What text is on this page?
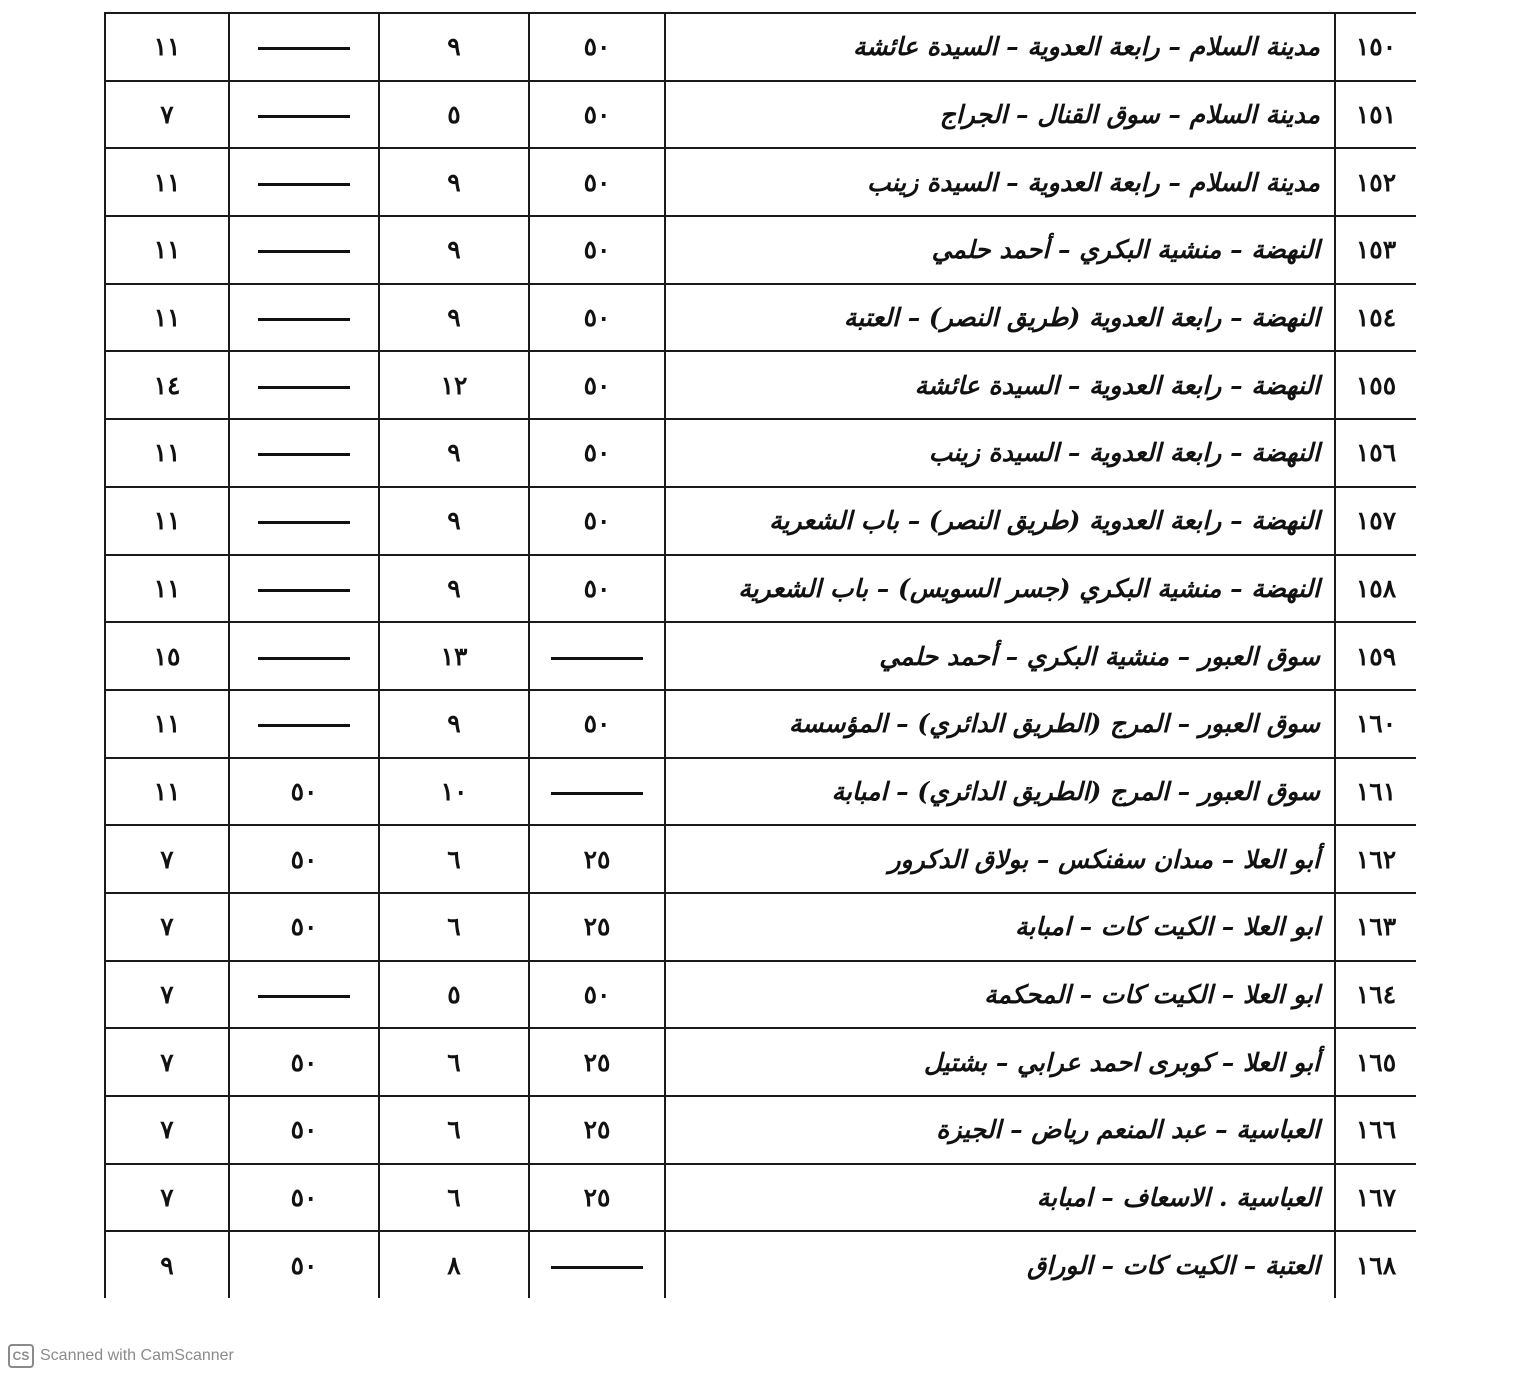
١٥٠	مدينة السلام – رابعة العدوية – السيدة عائشة	٥٠	٩		١١
١٥١	مدينة السلام – سوق القنال – الجراج	٥٠	٥		٧
١٥٢	مدينة السلام – رابعة العدوية – السيدة زينب	٥٠	٩		١١
١٥٣	النهضة – منشية البكري – أحمد حلمي	٥٠	٩		١١
١٥٤	النهضة – رابعة العدوية (طريق النصر) – العتبة	٥٠	٩		١١
١٥٥	النهضة – رابعة العدوية – السيدة عائشة	٥٠	١٢		١٤
١٥٦	النهضة – رابعة العدوية – السيدة زينب	٥٠	٩		١١
١٥٧	النهضة – رابعة العدوية (طريق النصر) – باب الشعرية	٥٠	٩		١١
١٥٨	النهضة – منشية البكري (جسر السويس) – باب الشعرية	٥٠	٩		١١
١٥٩	سوق العبور – منشية البكري – أحمد حلمي		١٣		١٥
١٦٠	سوق العبور – المرج (الطريق الدائري) – المؤسسة	٥٠	٩		١١
١٦١	سوق العبور – المرج (الطريق الدائري) – امبابة		١٠	٥٠	١١
١٦٢	أبو العلا – مىدان سفنكس – بولاق الدكرور	٢٥	٦	٥٠	٧
١٦٣	ابو العلا – الكيت كات – امبابة	٢٥	٦	٥٠	٧
١٦٤	ابو العلا – الكيت كات – المحكمة	٥٠	٥		٧
١٦٥	أبو العلا – كوبرى احمد عرابي – بشتيل	٢٥	٦	٥٠	٧
١٦٦	العباسية – عبد المنعم رياض – الجيزة	٢٥	٦	٥٠	٧
١٦٧	العباسية . الاسعاف – امبابة	٢٥	٦	٥٠	٧
١٦٨	العتبة – الكيت كات – الوراق		٨	٥٠	٩
CS Scanned with CamScanner
